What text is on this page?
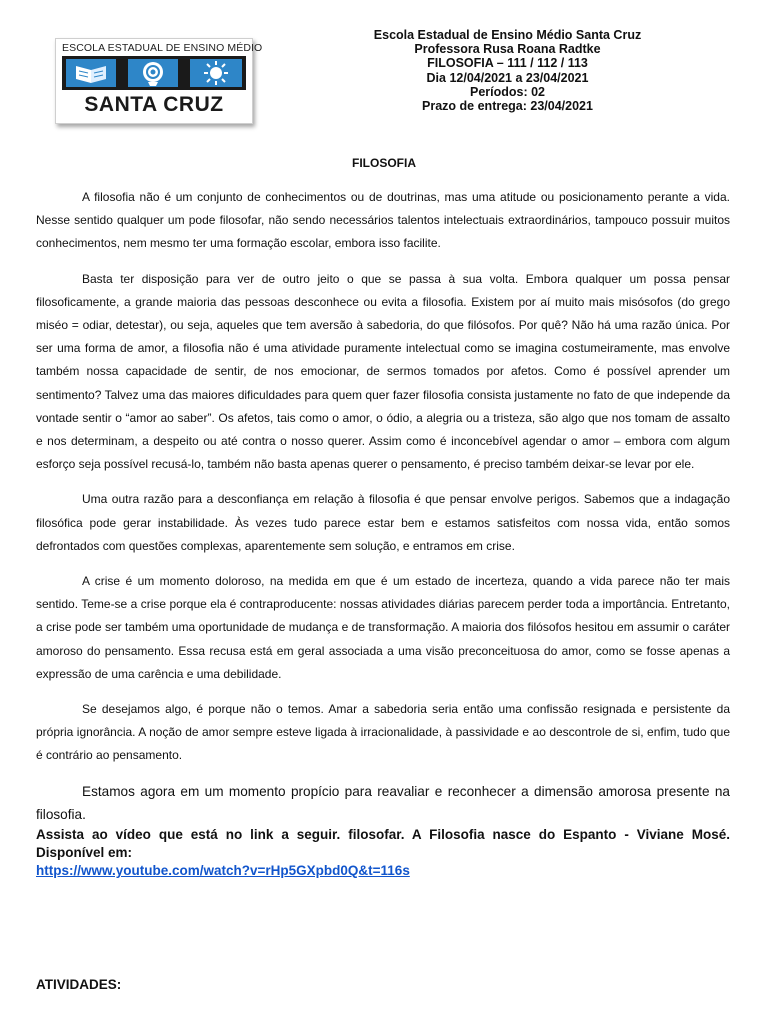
ESCOLA ESTADUAL DE ENSINO MÉDIO
SANTA CRUZ
Escola Estadual de Ensino Médio Santa Cruz
Professora Rusa Roana Radtke
FILOSOFIA – 111 / 112 / 113
Dia 12/04/2021 a 23/04/2021
Períodos: 02
Prazo de entrega: 23/04/2021
FILOSOFIA

A filosofia não é um conjunto de conhecimentos ou de doutrinas, mas uma atitude ou posicionamento perante a vida. Nesse sentido qualquer um pode filosofar, não sendo necessários talentos intelectuais extraordinários, tampouco possuir muitos conhecimentos, nem mesmo ter uma formação escolar, embora isso facilite.

Basta ter disposição para ver de outro jeito o que se passa à sua volta. Embora qualquer um possa pensar filosoficamente, a grande maioria das pessoas desconhece ou evita a filosofia. Existem por aí muito mais misósofos (do grego miséo = odiar, detestar), ou seja, aqueles que tem aversão à sabedoria, do que filósofos. Por quê? Não há uma razão única. Por ser uma forma de amor, a filosofia não é uma atividade puramente intelectual como se imagina costumeiramente, mas envolve também nossa capacidade de sentir, de nos emocionar, de sermos tomados por afetos. Como é possível aprender um sentimento? Talvez uma das maiores dificuldades para quem quer fazer filosofia consista justamente no fato de que independe da vontade sentir o “amor ao saber”. Os afetos, tais como o amor, o ódio, a alegria ou a tristeza, são algo que nos tomam de assalto e nos determinam, a despeito ou até contra o nosso querer. Assim como é inconcebível agendar o amor – embora com algum esforço seja possível recusá-lo, também não basta apenas querer o pensamento, é preciso também deixar-se levar por ele.

Uma outra razão para a desconfiança em relação à filosofia é que pensar envolve perigos. Sabemos que a indagação filosófica pode gerar instabilidade. Às vezes tudo parece estar bem e estamos satisfeitos com nossa vida, então somos defrontados com questões complexas, aparentemente sem solução, e entramos em crise.

A crise é um momento doloroso, na medida em que é um estado de incerteza, quando a vida parece não ter mais sentido. Teme-se a crise porque ela é contraproducente: nossas atividades diárias parecem perder toda a importância. Entretanto, a crise pode ser também uma oportunidade de mudança e de transformação. A maioria dos filósofos hesitou em assumir o caráter amoroso do pensamento. Essa recusa está em geral associada a uma visão preconceituosa do amor, como se fosse apenas a expressão de uma carência e uma debilidade.

Se desejamos algo, é porque não o temos. Amar a sabedoria seria então uma confissão resignada e persistente da própria ignorância. A noção de amor sempre esteve ligada à irracionalidade, à passividade e ao descontrole de si, enfim, tudo que é contrário ao pensamento.

Estamos agora em um momento propício para reavaliar e reconhecer a dimensão amorosa presente na filosofia.

Assista ao vídeo que está no link a seguir. filosofar. A Filosofia nasce do Espanto - Viviane Mosé. Disponível em:
https://www.youtube.com/watch?v=rHp5GXpbd0Q&t=116s
ATIVIDADES:
